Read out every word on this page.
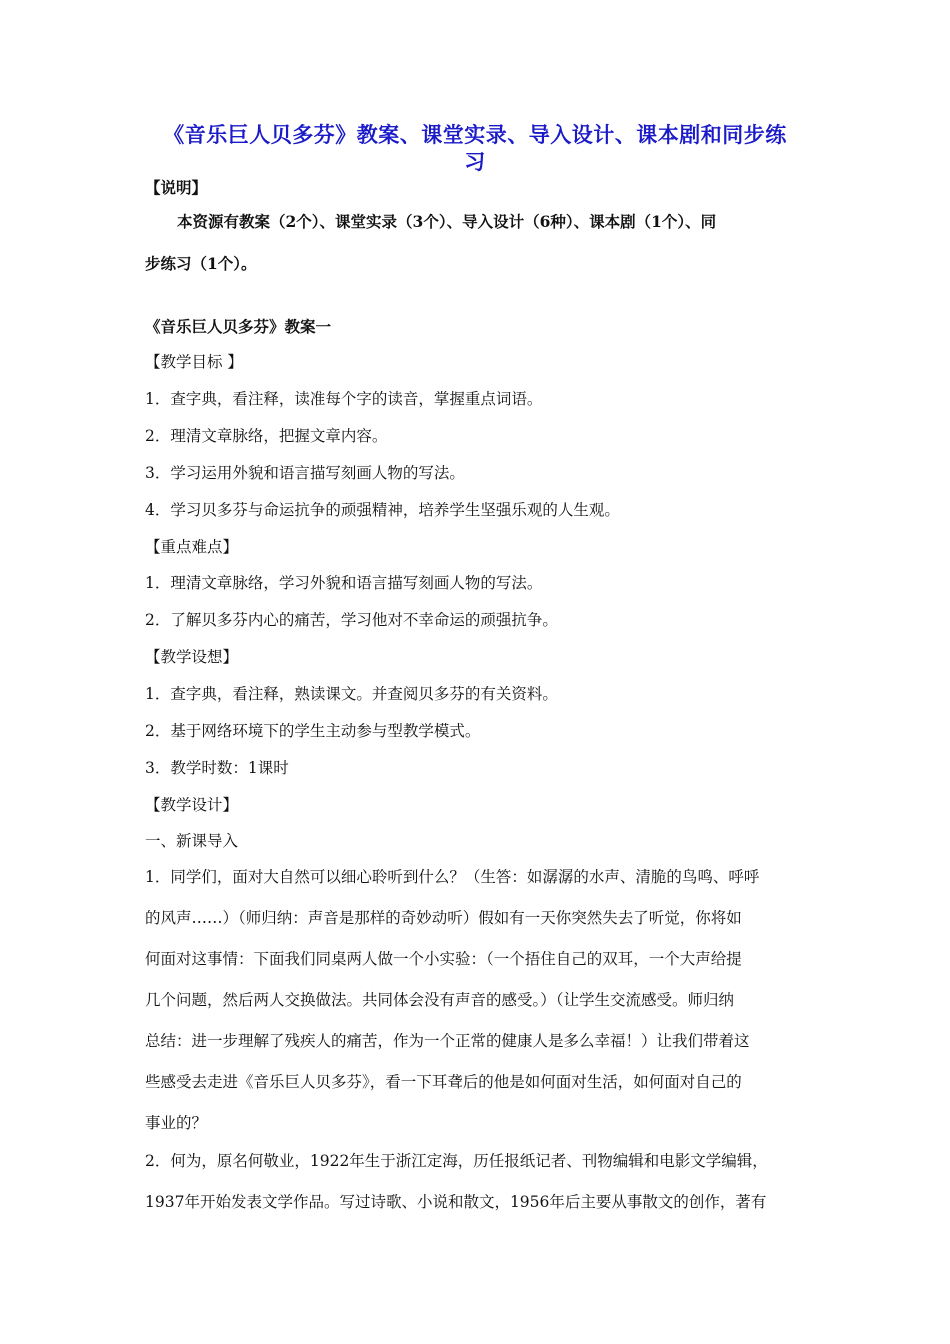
《音乐巨人贝多芬》教案、课堂实录、导入设计、课本剧和同步练
习
【说明】
本资源有教案（2个）、课堂实录（3个）、导入设计（6种）、课本剧（1个）、同
步练习（1个）。
《音乐巨人贝多芬》教案一
【教学目标 】
1．查字典，看注释，读准每个字的读音，掌握重点词语。
2．理清文章脉络，把握文章内容。
3．学习运用外貌和语言描写刻画人物的写法。
4．学习贝多芬与命运抗争的顽强精神，培养学生坚强乐观的人生观。
【重点难点】
1．理清文章脉络，学习外貌和语言描写刻画人物的写法。
2．了解贝多芬内心的痛苦，学习他对不幸命运的顽强抗争。
【教学设想】
1．查字典，看注释，熟读课文。并查阅贝多芬的有关资料。
2．基于网络环境下的学生主动参与型教学模式。
3．教学时数：1课时
【教学设计】
一、新课导入
1．同学们，面对大自然可以细心聆听到什么？（生答：如潺潺的水声、清脆的鸟鸣、呼呼
的风声……）（师归纳：声音是那样的奇妙动听）假如有一天你突然失去了听觉，你将如
何面对这事情：下面我们同桌两人做一个小实验：（一个捂住自己的双耳，一个大声给提
几个问题，然后两人交换做法。共同体会没有声音的感受。）（让学生交流感受。师归纳
总结：进一步理解了残疾人的痛苦，作为一个正常的健康人是多么幸福！）让我们带着这
些感受去走进《音乐巨人贝多芬》，看一下耳聋后的他是如何面对生活，如何面对自己的
事业的？
2．何为，原名何敬业，1922年生于浙江定海，历任报纸记者、刊物编辑和电影文学编辑，
1937年开始发表文学作品。写过诗歌、小说和散文，1956年后主要从事散文的创作，著有
